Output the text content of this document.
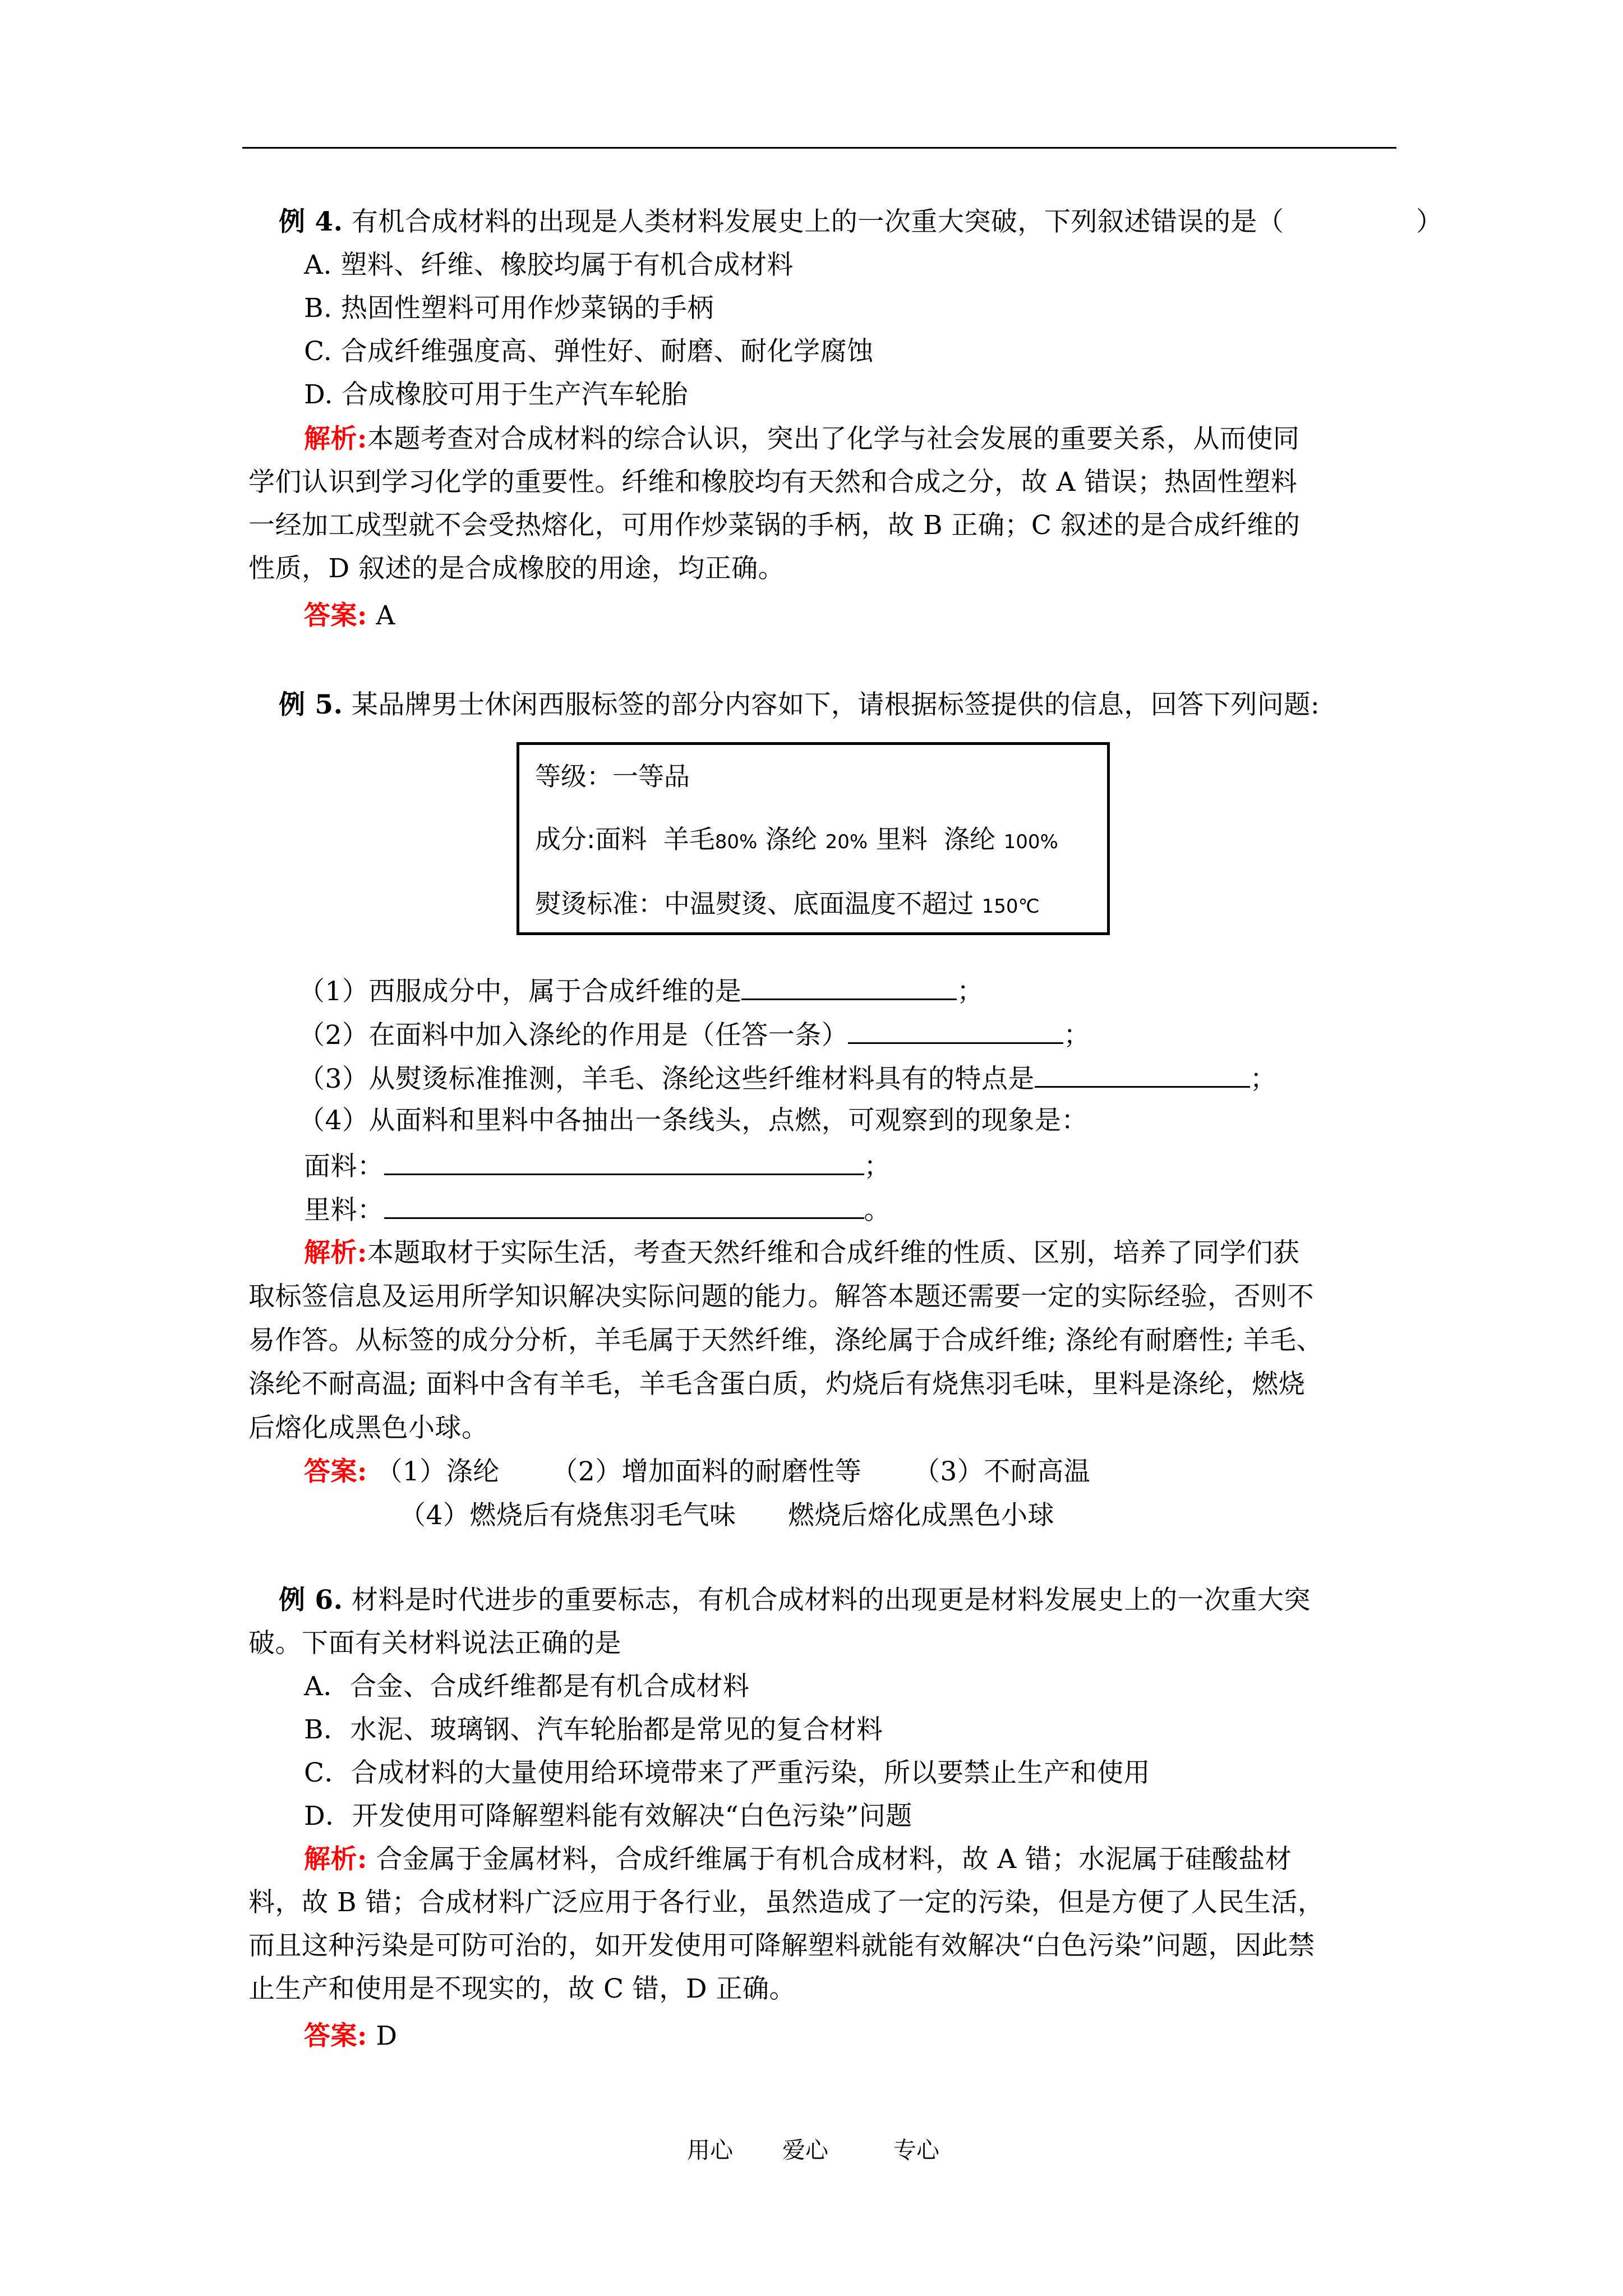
例 4. 有机合成材料的出现是人类材料发展史上的一次重大突破，下列叙述错误的是（	）
A. 塑料、纤维、橡胶均属于有机合成材料
B. 热固性塑料可用作炒菜锅的手柄
C. 合成纤维强度高、弹性好、耐磨、耐化学腐蚀
D. 合成橡胶可用于生产汽车轮胎
解析:本题考查对合成材料的综合认识，突出了化学与社会发展的重要关系，从而使同
学们认识到学习化学的重要性。纤维和橡胶均有天然和合成之分，故 A 错误；热固性塑料
一经加工成型就不会受热熔化，可用作炒菜锅的手柄，故 B 正确；C 叙述的是合成纤维的
性质，D 叙述的是合成橡胶的用途，均正确。
答案: A
例 5. 某品牌男士休闲西服标签的部分内容如下，请根据标签提供的信息，回答下列问题:
等级：一等品
成分:面料  羊毛80% 涤纶 20% 里料  涤纶 100%
熨烫标准：中温熨烫、底面温度不超过 150℃
（1）西服成分中，属于合成纤维的是	；
（2）在面料中加入涤纶的作用是（任答一条）	；
（3）从熨烫标准推测，羊毛、涤纶这些纤维材料具有的特点是	；
（4）从面料和里料中各抽出一条线头，点燃，可观察到的现象是：
面料：	；
里料：	。
解析:本题取材于实际生活，考查天然纤维和合成纤维的性质、区别，培养了同学们获
取标签信息及运用所学知识解决实际问题的能力。解答本题还需要一定的实际经验，否则不
易作答。从标签的成分分析，羊毛属于天然纤维，涤纶属于合成纤维; 涤纶有耐磨性; 羊毛、
涤纶不耐高温; 面料中含有羊毛，羊毛含蛋白质，灼烧后有烧焦羽毛味，里料是涤纶，燃烧
后熔化成黑色小球。
答案: （1）涤纶      （2）增加面料的耐磨性等      （3）不耐高温
（4）燃烧后有烧焦羽毛气味      燃烧后熔化成黑色小球
例 6. 材料是时代进步的重要标志，有机合成材料的出现更是材料发展史上的一次重大突
破。下面有关材料说法正确的是
A．合金、合成纤维都是有机合成材料
B．水泥、玻璃钢、汽车轮胎都是常见的复合材料
C．合成材料的大量使用给环境带来了严重污染，所以要禁止生产和使用
D．开发使用可降解塑料能有效解决“白色污染”问题
解析: 合金属于金属材料，合成纤维属于有机合成材料，故 A 错；水泥属于硅酸盐材
料，故 B 错；合成材料广泛应用于各行业，虽然造成了一定的污染，但是方便了人民生活，
而且这种污染是可防可治的，如开发使用可降解塑料就能有效解决“白色污染”问题，因此禁
止生产和使用是不现实的，故 C 错，D 正确。
答案: D
用心 爱心	专心
